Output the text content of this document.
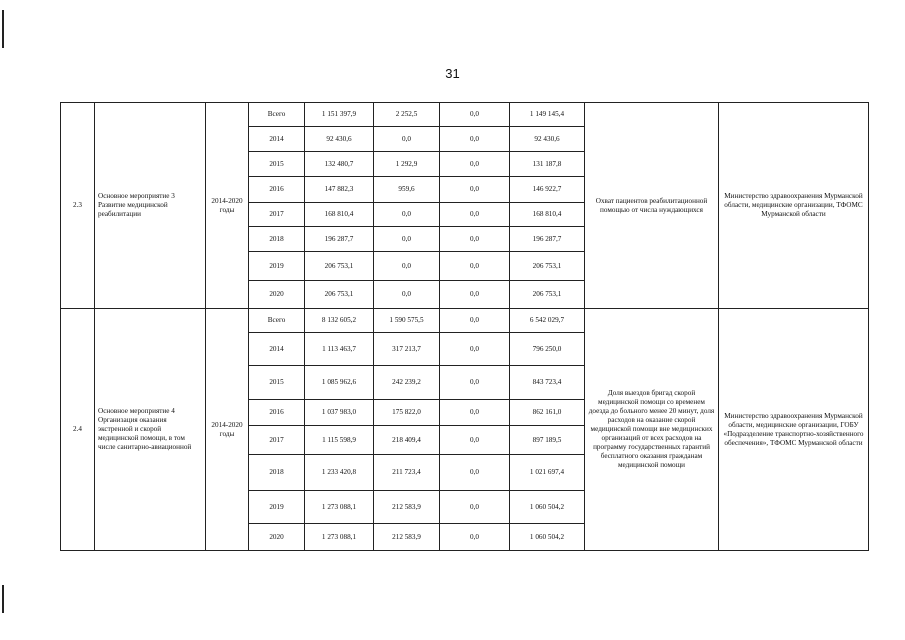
31
2.3	Основное мероприятие 3 Развитие медицинской реабилитации	2014-2020 годы	Всего	1 151 397,9	2 252,5	0,0	1 149 145,4	Охват пациентов реабилитационной помощью от числа нуждающихся	Министерство здравоохранения Мурманской области, медицинские организации, ТФОМС Мурманской области
			2014	92 430,6	0,0	0,0	92 430,6		
			2015	132 480,7	1 292,9	0,0	131 187,8		
			2016	147 882,3	959,6	0,0	146 922,7		
			2017	168 810,4	0,0	0,0	168 810,4		
			2018	196 287,7	0,0	0,0	196 287,7		
			2019	206 753,1	0,0	0,0	206 753,1		
			2020	206 753,1	0,0	0,0	206 753,1		
2.4	Основное мероприятие 4 Организация оказания экстренной и скорой медицинской помощи, в том числе санитарно-авиационной	2014-2020 годы	Всего	8 132 605,2	1 590 575,5	0,0	6 542 029,7	Доля выездов бригад скорой медицинской помощи со временем доезда до больного менее 20 минут, доля расходов на оказание скорой медицинской помощи вне медицинских организаций от всех расходов на программу государственных гарантий бесплатного оказания гражданам медицинской помощи	Министерство здравоохранения Мурманской области, медицинские организации, ГОБУ «Подразделение транспортно-хозяйственного обеспечения», ТФОМС Мурманской области
			2014	1 113 463,7	317 213,7	0,0	796 250,0		
			2015	1 085 962,6	242 239,2	0,0	843 723,4		
			2016	1 037 983,0	175 822,0	0,0	862 161,0		
			2017	1 115 598,9	218 409,4	0,0	897 189,5		
			2018	1 233 420,8	211 723,4	0,0	1 021 697,4		
			2019	1 273 088,1	212 583,9	0,0	1 060 504,2		
			2020	1 273 088,1	212 583,9	0,0	1 060 504,2		
